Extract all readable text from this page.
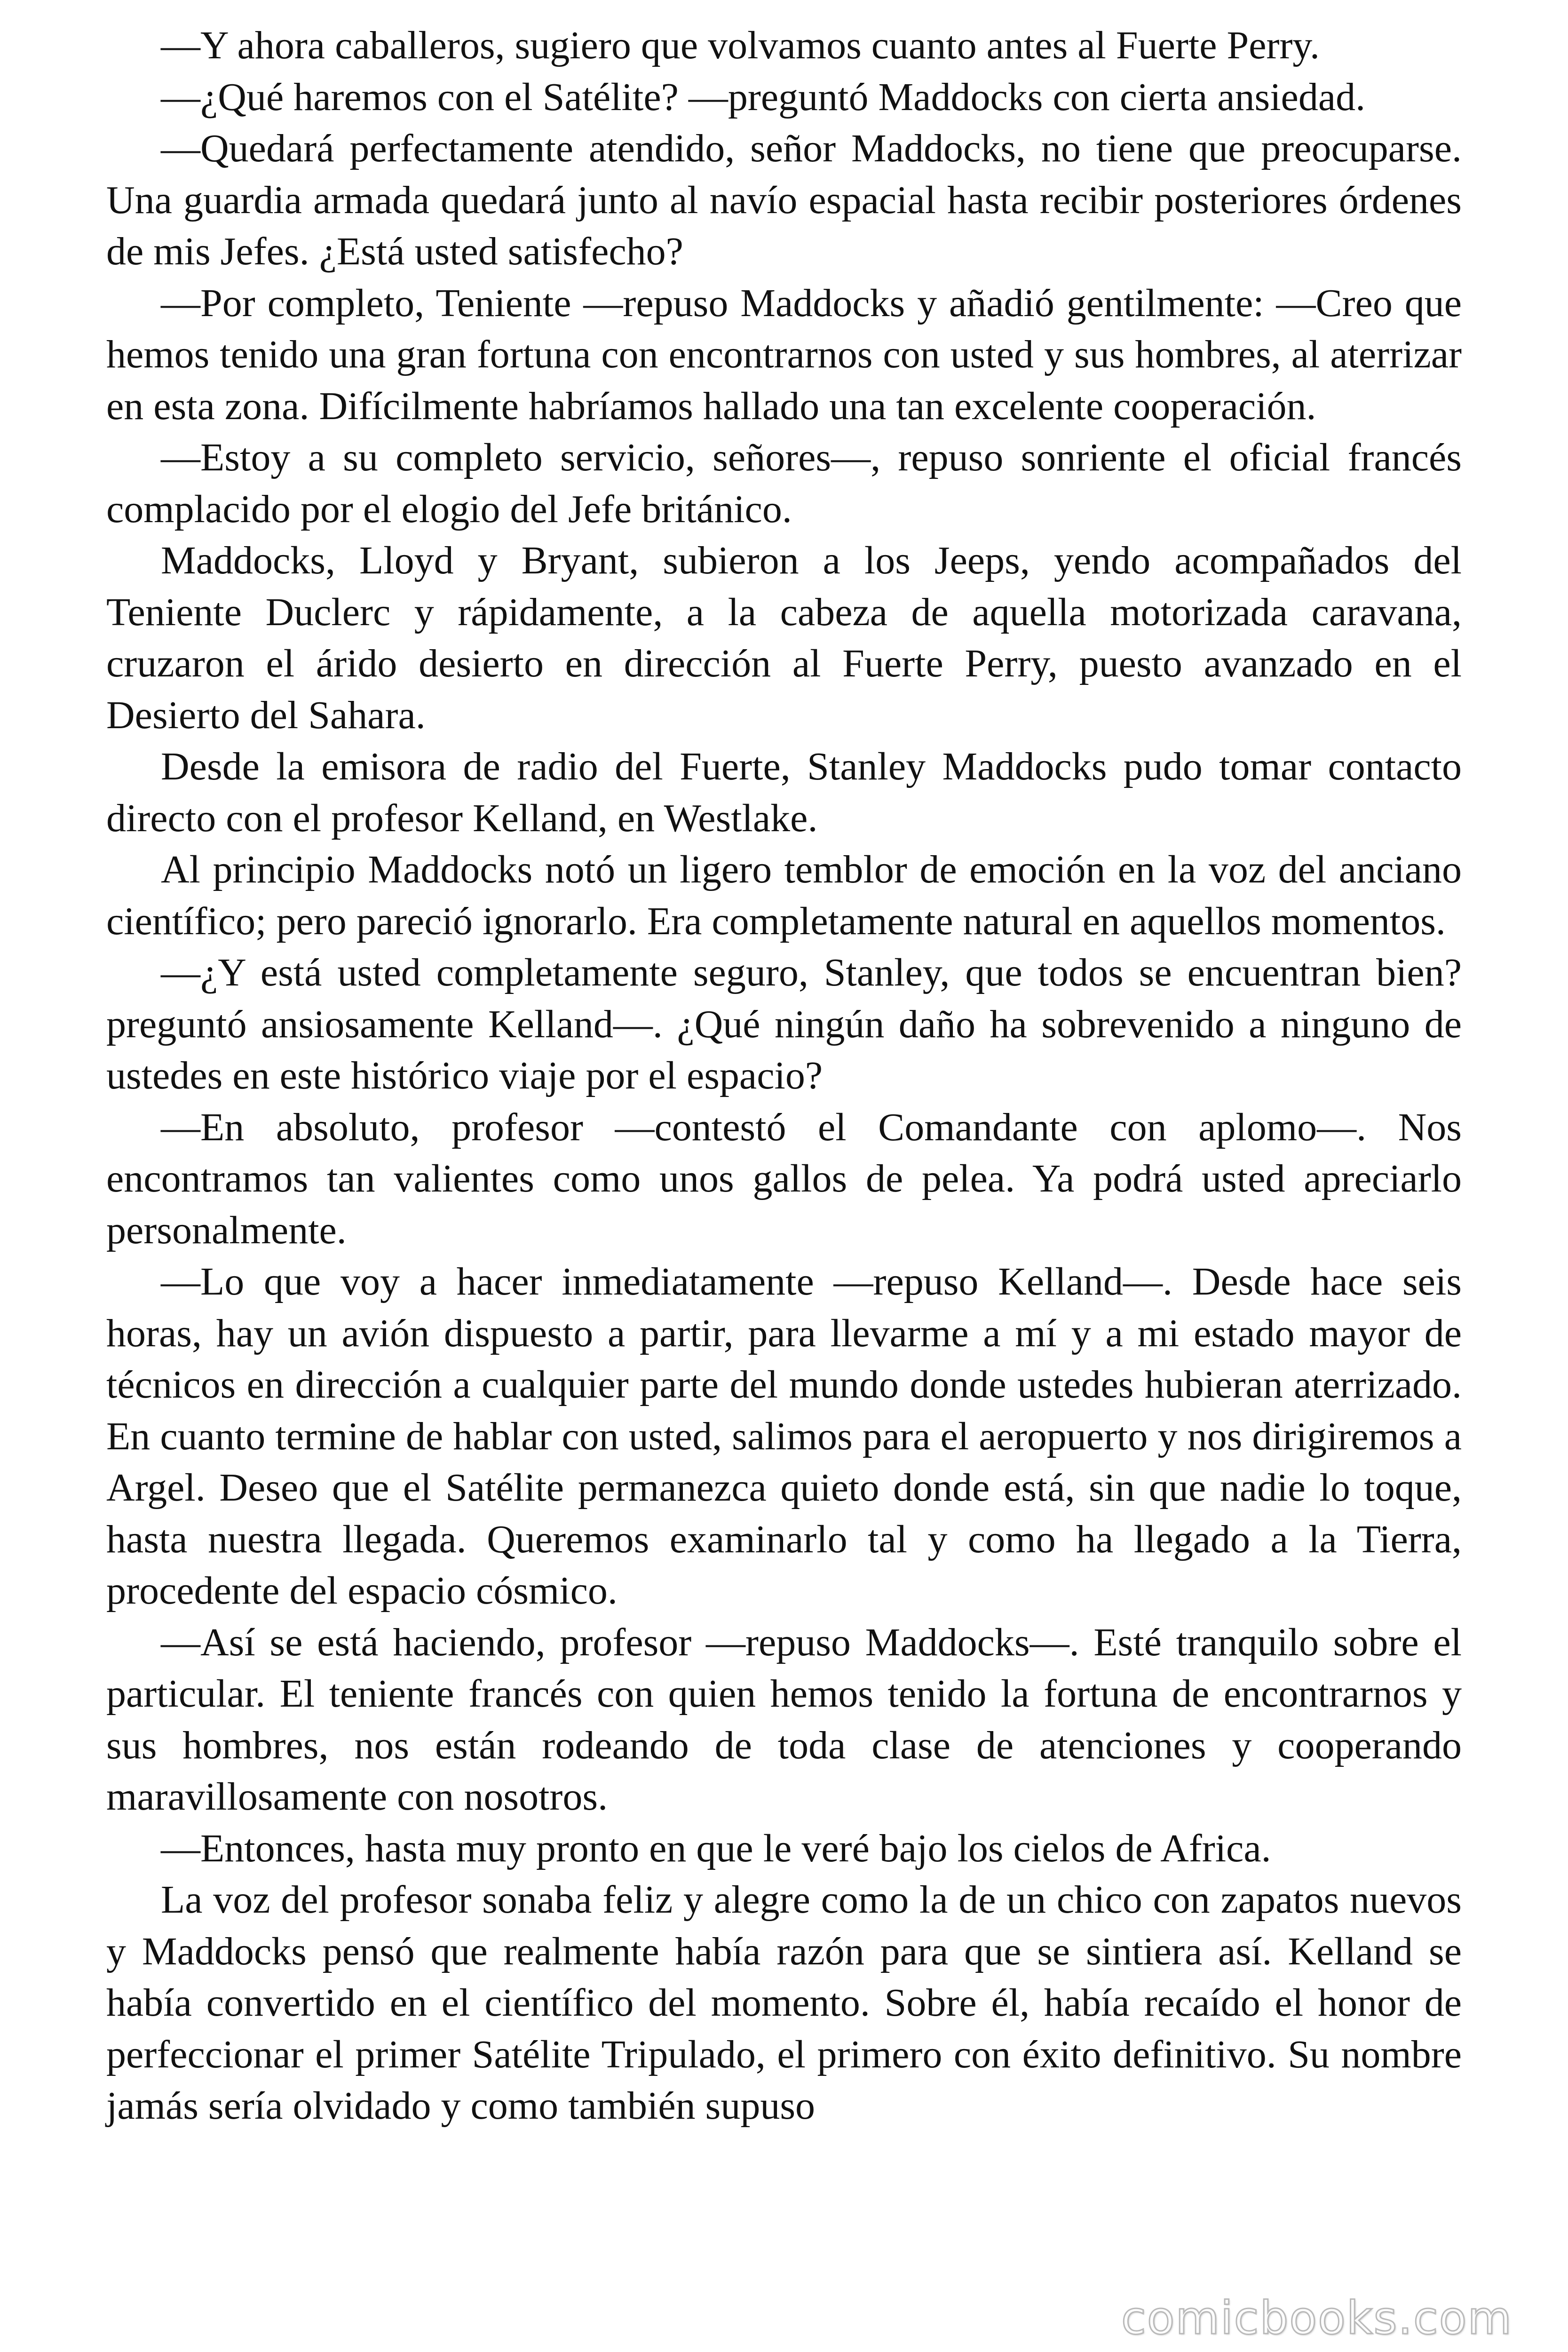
—Y ahora caballeros, sugiero que volvamos cuanto antes al Fuerte Perry.

—¿Qué haremos con el Satélite? —preguntó Maddocks con cierta ansiedad.

—Quedará perfectamente atendido, señor Maddocks, no tiene que preocuparse. Una guardia armada quedará junto al navío espacial hasta recibir posteriores órdenes de mis Jefes. ¿Está usted satisfecho?

—Por completo, Teniente —repuso Maddocks y añadió gentilmente: —Creo que hemos tenido una gran fortuna con encontrarnos con usted y sus hombres, al aterrizar en esta zona. Difícilmente habríamos hallado una tan excelente cooperación.

—Estoy a su completo servicio, señores—, repuso sonriente el oficial francés complacido por el elogio del Jefe británico.

Maddocks, Lloyd y Bryant, subieron a los Jeeps, yendo acompañados del Teniente Duclerc y rápidamente, a la cabeza de aquella motorizada caravana, cruzaron el árido desierto en dirección al Fuerte Perry, puesto avanzado en el Desierto del Sahara.

Desde la emisora de radio del Fuerte, Stanley Maddocks pudo tomar contacto directo con el profesor Kelland, en Westlake.

Al principio Maddocks notó un ligero temblor de emoción en la voz del anciano científico; pero pareció ignorarlo. Era completamente natural en aquellos momentos.

—¿Y está usted completamente seguro, Stanley, que todos se encuentran bien? preguntó ansiosamente Kelland—. ¿Qué ningún daño ha sobrevenido a ninguno de ustedes en este histórico viaje por el espacio?

—En absoluto, profesor —contestó el Comandante con aplomo—. Nos encontramos tan valientes como unos gallos de pelea. Ya podrá usted apreciarlo personalmente.

—Lo que voy a hacer inmediatamente —repuso Kelland—. Desde hace seis horas, hay un avión dispuesto a partir, para llevarme a mí y a mi estado mayor de técnicos en dirección a cualquier parte del mundo donde ustedes hubieran aterrizado. En cuanto termine de hablar con usted, salimos para el aeropuerto y nos dirigiremos a Argel. Deseo que el Satélite permanezca quieto donde está, sin que nadie lo toque, hasta nuestra llegada. Queremos examinarlo tal y como ha llegado a la Tierra, procedente del espacio cósmico.

—Así se está haciendo, profesor —repuso Maddocks—. Esté tranquilo sobre el particular. El teniente francés con quien hemos tenido la fortuna de encontrarnos y sus hombres, nos están rodeando de toda clase de atenciones y cooperando maravillosamente con nosotros.

—Entonces, hasta muy pronto en que le veré bajo los cielos de Africa.

La voz del profesor sonaba feliz y alegre como la de un chico con zapatos nuevos y Maddocks pensó que realmente había razón para que se sintiera así. Kelland se había convertido en el científico del momento. Sobre él, había recaído el honor de perfeccionar el primer Satélite Tripulado, el primero con éxito definitivo. Su nombre jamás sería olvidado y como también supuso

comicbooks.com
